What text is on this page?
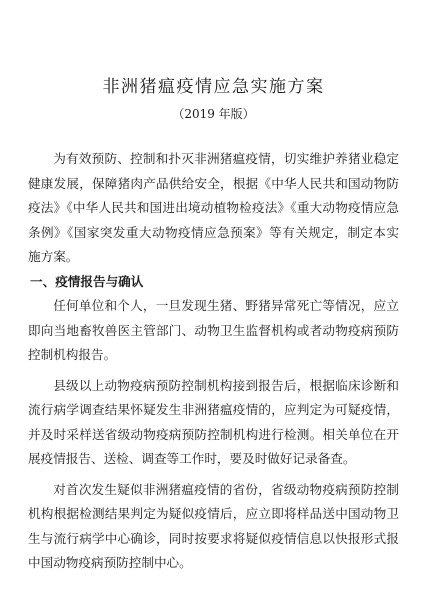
非洲猪瘟疫情应急实施方案
（2019 年版）

为有效预防、控制和扑灭非洲猪瘟疫情，切实维护养猪业稳定健康发展，保障猪肉产品供给安全，根据《中华人民共和国动物防疫法》《中华人民共和国进出境动植物检疫法》《重大动物疫情应急条例》《国家突发重大动物疫情应急预案》等有关规定，制定本实施方案。

一、疫情报告与确认

任何单位和个人，一旦发现生猪、野猪异常死亡等情况，应立即向当地畜牧兽医主管部门、动物卫生监督机构或者动物疫病预防控制机构报告。

县级以上动物疫病预防控制机构接到报告后，根据临床诊断和流行病学调查结果怀疑发生非洲猪瘟疫情的，应判定为可疑疫情，并及时采样送省级动物疫病预防控制机构进行检测。相关单位在开展疫情报告、送检、调查等工作时，要及时做好记录备查。

对首次发生疑似非洲猪瘟疫情的省份，省级动物疫病预防控制机构根据检测结果判定为疑似疫情后，应立即将样品送中国动物卫生与流行病学中心确诊，同时按要求将疑似疫情信息以快报形式报中国动物疫病预防控制中心。
